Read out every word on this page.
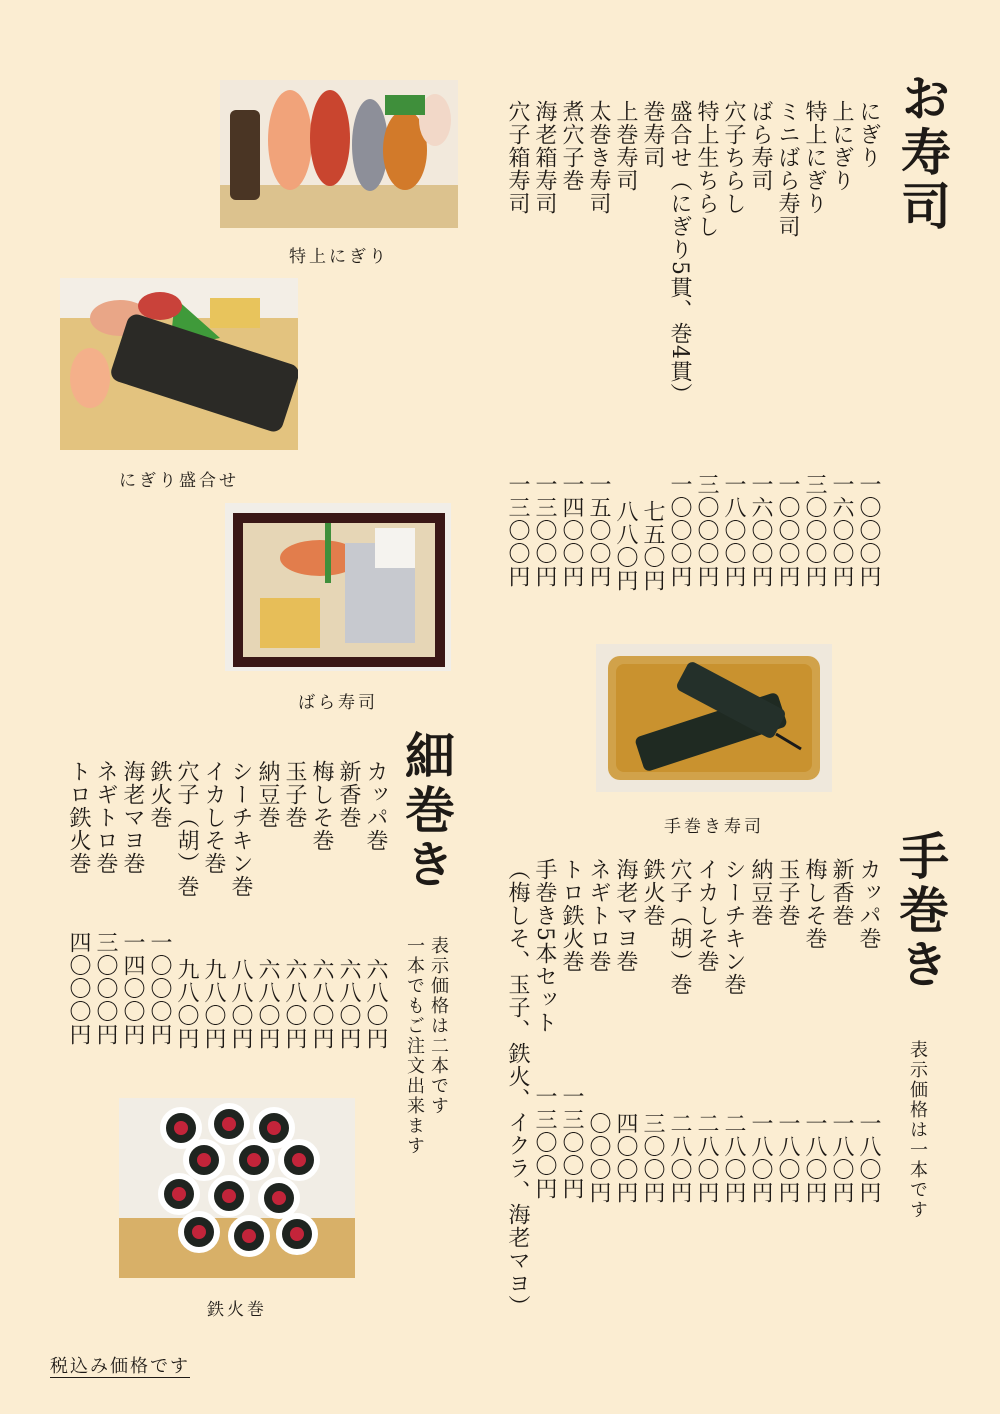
お寿司
にぎり
一〇〇〇円
上にぎり
一六〇〇円
特上にぎり
三〇〇〇円
ミニばら寿司
一〇〇〇円
ばら寿司
一六〇〇円
穴子ちらし
一八〇〇円
特上生ちらし
三〇〇〇円
盛合せ（にぎり5貫、巻4貫）
一〇〇〇円
巻寿司
七五〇円
上巻寿司
八八〇円
太巻き寿司
一五〇〇円
煮穴子巻
一四〇〇円
海老箱寿司
一三〇〇円
穴子箱寿司
一三〇〇円
細巻き
カッパ巻
六八〇円
新香巻
六八〇円
梅しそ巻
六八〇円
玉子巻
六八〇円
納豆巻
六八〇円
シーチキン巻
八八〇円
イカしそ巻
九八〇円
穴子（胡）巻
九八〇円
鉄火巻
一〇〇〇円
海老マヨ巻
一四〇〇円
ネギトロ巻
三〇〇〇円
トロ鉄火巻
四〇〇〇円	表示価格は二本です
一本でもご注文出来ます

手巻き
カッパ巻
一八〇円
新香巻
一八〇円
梅しそ巻
一八〇円
玉子巻
一八〇円
納豆巻
一八〇円
シーチキン巻
二八〇円
イカしそ巻
二八〇円
穴子（胡）巻
二八〇円
鉄火巻
三〇〇円
海老マヨ巻
四〇〇円
ネギトロ巻
〇〇〇円
トロ鉄火巻
一三〇〇円
手巻き5本セット
一三〇〇円
（梅しそ、玉子、鉄火、イクラ、海老マヨ）	表示価格は一本です

特上にぎり
にぎり盛合せ
ばら寿司
手巻き寿司
鉄火巻
税込み価格です
